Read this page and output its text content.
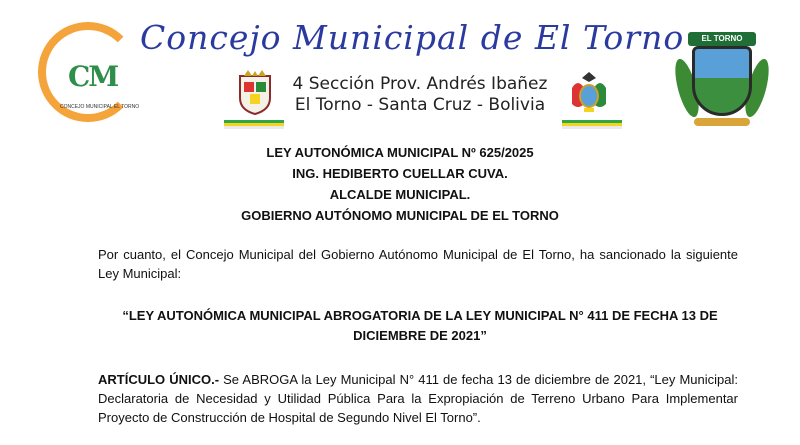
CM
CONCEJO MUNICIPAL EL TORNO
Concejo Municipal de El Torno
4 Sección Prov. Andrés Ibañez
El Torno - Santa Cruz - Bolivia
EL TORNO
LEY AUTONÓMICA MUNICIPAL Nº 625/2025
ING. HEDIBERTO CUELLAR CUVA.
ALCALDE MUNICIPAL.
GOBIERNO AUTÓNOMO MUNICIPAL DE EL TORNO
Por cuanto, el Concejo Municipal del Gobierno Autónomo Municipal de El Torno, ha sancionado la siguiente Ley Municipal:
“LEY AUTONÓMICA MUNICIPAL ABROGATORIA DE LA LEY MUNICIPAL N° 411 DE FECHA 13 DE DICIEMBRE DE 2021”
ARTÍCULO ÚNICO.- Se ABROGA la Ley Municipal N° 411 de fecha 13 de diciembre de 2021, “Ley Municipal: Declaratoria de Necesidad y Utilidad Pública Para la Expropiación de Terreno Urbano Para Implementar Proyecto de Construcción de Hospital de Segundo Nivel El Torno”.
